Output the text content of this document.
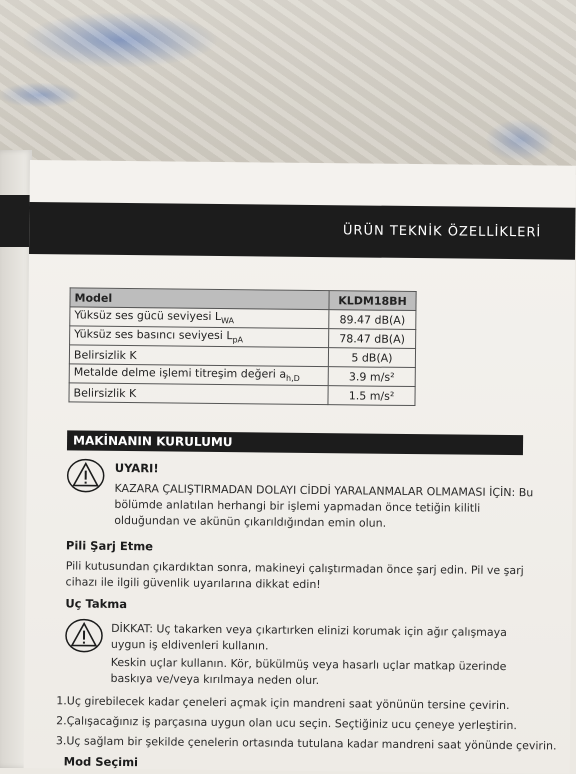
ÜRÜN TEKNİK ÖZELLİKLERİ
Model	KLDM18BH
Yüksüz ses gücü seviyesi $L_{WA}$	89.47 dB(A)
Yüksüz ses basıncı seviyesi $L_{pA}$	78.47 dB(A)
Belirsizlik K	5 dB(A)
Metalde delme işlemi titreşim değeri $a_{h,D}$	3.9 m/s²
Belirsizlik K	1.5 m/s²
MAKİNANIN KURULUMU
UYARI!
KAZARA ÇALIŞTIRMADAN DOLAYI CİDDİ YARALANMALAR OLMAMASI İÇİN: Bu bölümde anlatılan herhangi bir işlemi yapmadan önce tetiğin kilitli olduğundan ve akünün çıkarıldığından emin olun.
Pili Şarj Etme
Pili kutusundan çıkardıktan sonra, makineyi çalıştırmadan önce şarj edin. Pil ve şarj cihazı ile ilgili güvenlik uyarılarına dikkat edin!
Uç Takma
DİKKAT: Uç takarken veya çıkartırken elinizi korumak için ağır çalışmaya uygun iş eldivenleri kullanın.
Keskin uçlar kullanın. Kör, bükülmüş veya hasarlı uçlar matkap üzerinde baskıya ve/veya kırılmaya neden olur.
1.Uç girebilecek kadar çeneleri açmak için mandreni saat yönünün tersine çevirin.
2.Çalışacağınız iş parçasına uygun olan ucu seçin. Seçtiğiniz ucu çeneye yerleştirin.
3.Uç sağlam bir şekilde çenelerin ortasında tutulana kadar mandreni saat yönünde çevirin.
Mod Seçimi
